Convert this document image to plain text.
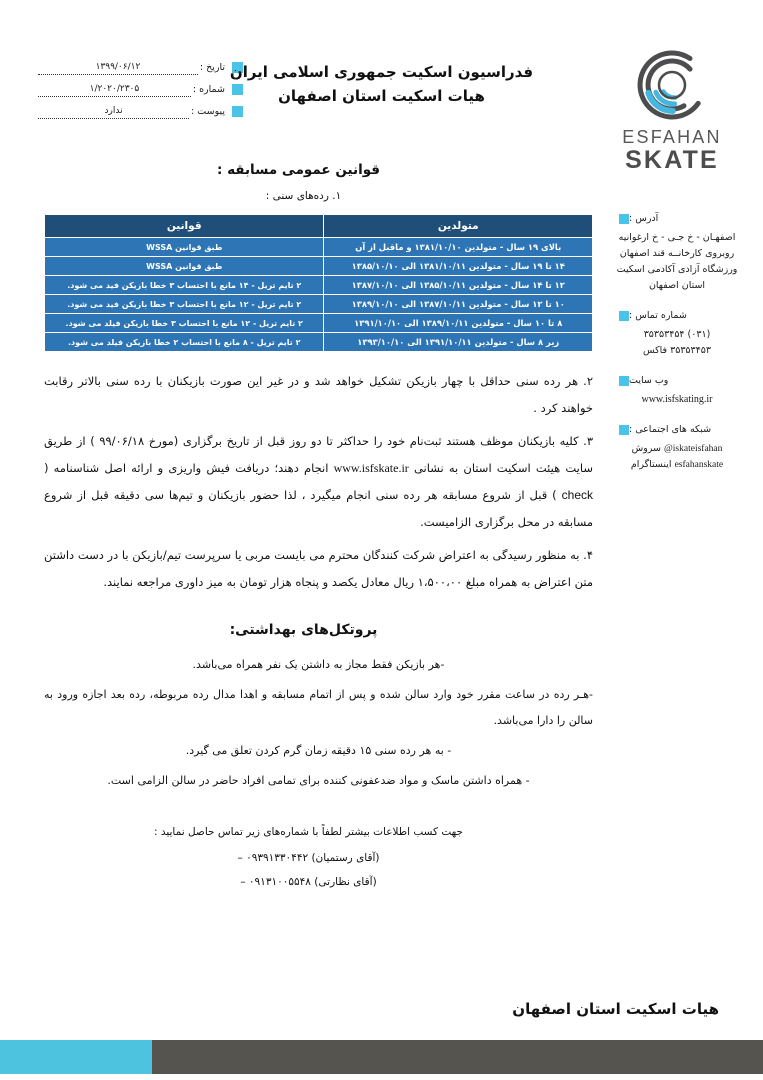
تاریخ :
۱۳۹۹/۰۶/۱۲
شماره :
۱/۲۰۲۰/۲۳۰۵
پیوست :
ندارد
فدراسیون اسکیت جمهوری اسلامی ایران
هیات اسکیت استان اصفهان
ESFAHAN
SKATE
آدرس :
اصفهـان - خ جـی - خ ارغوانیه
روبروی کارخانــه قند اصفهان
ورزشگاه آزادی آکادمی اسکیت
استان اصفهان
شماره تماس :
(۰۳۱) ۳۵۳۵۳۴۵۴
۳۵۳۵۳۴۵۳ فاکس
وب سایت
www.isfskating.ir
شبکه های اجتماعی :
@iskateisfahan سروش
esfahanskate اینستاگرام
قوانین عمومی مسابقه :
۱. رده‌های سنی :
متولدین	قوانین
بالای ۱۹ سال - متولدین ۱۳۸۱/۱۰/۱۰ و ماقبل از آن	طبق قوانین WSSA
۱۴ تا ۱۹ سال - متولدین ۱۳۸۱/۱۰/۱۱ الی ۱۳۸۵/۱۰/۱۰	طبق قوانین WSSA
۱۲ تا ۱۴ سال - متولدین ۱۳۸۵/۱۰/۱۱ الی ۱۳۸۷/۱۰/۱۰	۲ تایم تریل - ۱۴ مانع با احتساب ۳ خطا بازیکن فید می شود.
۱۰ تا ۱۲ سال - متولدین ۱۳۸۷/۱۰/۱۱ الی ۱۳۸۹/۱۰/۱۰	۲ تایم تریل - ۱۲ مانع با احتساب ۳ خطا بازیکن فید می شود.
۸ تا ۱۰ سال - متولدین ۱۳۸۹/۱۰/۱۱ الی ۱۳۹۱/۱۰/۱۰	۲ تایم تریل - ۱۲ مانع با احتساب ۳ خطا بازیکن فیلد می شود.
زیر ۸ سال - متولدین ۱۳۹۱/۱۰/۱۱ الی ۱۳۹۳/۱۰/۱۰	۲ تایم تریل - ۸ مانع با احتساب ۲ خطا بازیکن فیلد می شود.

۲. هر رده سنی حداقل با چهار بازیکن تشکیل خواهد شد و در غیر این صورت بازیکنان با رده سنی بالاتر رقابت خواهند کرد .

۳. کلیه بازیکنان موظف هستند ثبت‌نام خود را حداکثر تا دو روز قبل از تاریخ برگزاری (مورخ ۹۹/۰۶/۱۸ ) از طریق سایت هیئت اسکیت استان به نشانی www.isfskate.ir انجام دهند؛ دریافت فیش واریزی و ارائه اصل شناسنامه ( check ) قبل از شروع مسابقه هر رده سنی انجام میگیرد ، لذا حضور بازیکنان و تیم‌ها سی دقیقه قبل از شروع مسابقه در محل برگزاری الزامیست.

۴. به منظور رسیدگی به اعتراض شرکت کنندگان محترم می بایست مربی یا سرپرست تیم/بازیکن با در دست داشتن متن اعتراض به همراه مبلغ ۱،۵۰۰،۰۰ ریال معادل یکصد و پنجاه هزار تومان به میز داوری مراجعه نمایند.

پروتکل‌های بهداشتی:

-هر بازیکن فقط مجاز به داشتن یک نفر همراه می‌باشد.

-هـر رده در ساعت مقرر خود وارد سالن شده و پس از اتمام مسابقه و اهدا مدال رده مربوطه، رده بعد اجازه ورود به سالن را دارا می‌باشد.

- به هر رده سنی ۱۵ دقیقه زمان گرم کردن تعلق می گیرد.

- همراه داشتن ماسک و مواد ضدعفونی کننده برای تمامی افراد حاضر در سالن الزامی است.

جهت کسب اطلاعات بیشتر لطفاً با شماره‌های زیر تماس حاصل نمایید :
(آقای رستمیان) ۰۹۳۹۱۳۳۰۴۴۲ –
(آقای نظارتی) ۰۹۱۳۱۰۰۵۵۴۸ –
هیات اسکیت استان اصفهان
